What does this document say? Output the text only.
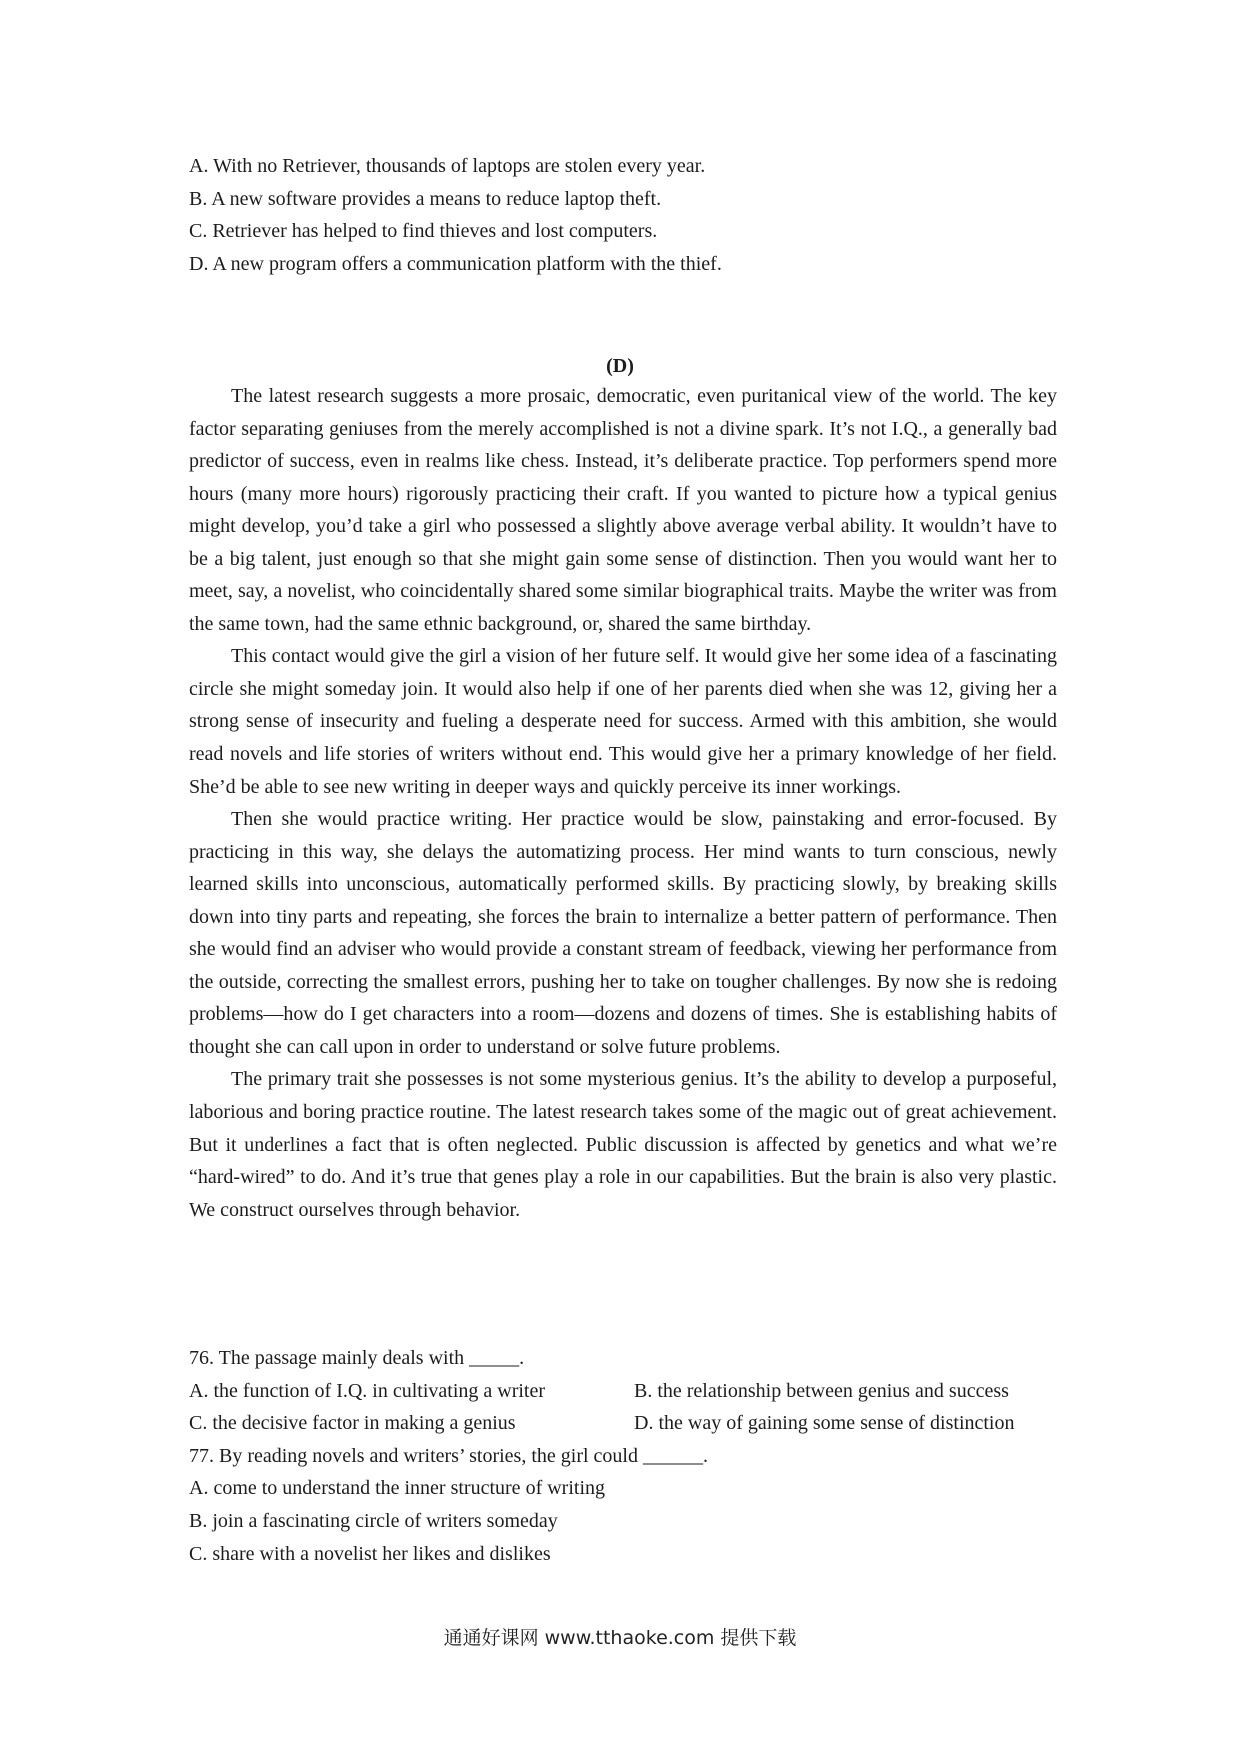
A. With no Retriever, thousands of laptops are stolen every year.
B. A new software provides a means to reduce laptop theft.
C. Retriever has helped to find thieves and lost computers.
D. A new program offers a communication platform with the thief.
(D)

The latest research suggests a more prosaic, democratic, even puritanical view of the world. The key factor separating geniuses from the merely accomplished is not a divine spark. It’s not I.Q., a generally bad predictor of success, even in realms like chess. Instead, it’s deliberate practice. Top performers spend more hours (many more hours) rigorously practicing their craft. If you wanted to picture how a typical genius might develop, you’d take a girl who possessed a slightly above average verbal ability. It wouldn’t have to be a big talent, just enough so that she might gain some sense of distinction. Then you would want her to meet, say, a novelist, who coincidentally shared some similar biographical traits. Maybe the writer was from the same town, had the same ethnic background, or, shared the same birthday.

This contact would give the girl a vision of her future self. It would give her some idea of a fascinating circle she might someday join. It would also help if one of her parents died when she was 12, giving her a strong sense of insecurity and fueling a desperate need for success. Armed with this ambition, she would read novels and life stories of writers without end. This would give her a primary knowledge of her field. She’d be able to see new writing in deeper ways and quickly perceive its inner workings.

Then she would practice writing. Her practice would be slow, painstaking and error-focused. By practicing in this way, she delays the automatizing process. Her mind wants to turn conscious, newly learned skills into unconscious, automatically performed skills. By practicing slowly, by breaking skills down into tiny parts and repeating, she forces the brain to internalize a better pattern of performance. Then she would find an adviser who would provide a constant stream of feedback, viewing her performance from the outside, correcting the smallest errors, pushing her to take on tougher challenges. By now she is redoing problems—how do I get characters into a room—dozens and dozens of times. She is establishing habits of thought she can call upon in order to understand or solve future problems.

The primary trait she possesses is not some mysterious genius. It’s the ability to develop a purposeful, laborious and boring practice routine. The latest research takes some of the magic out of great achievement. But it underlines a fact that is often neglected. Public discussion is affected by genetics and what we’re “hard-wired” to do. And it’s true that genes play a role in our capabilities. But the brain is also very plastic. We construct ourselves through behavior.

76. The passage mainly deals with _____.
A. the function of I.Q. in cultivating a writer	B. the relationship between genius and success
C. the decisive factor in making a genius	D. the way of gaining some sense of distinction
77. By reading novels and writers’ stories, the girl could ______.
A. come to understand the inner structure of writing
B. join a fascinating circle of writers someday
C. share with a novelist her likes and dislikes
通通好课网 www.tthaoke.com 提供下载
